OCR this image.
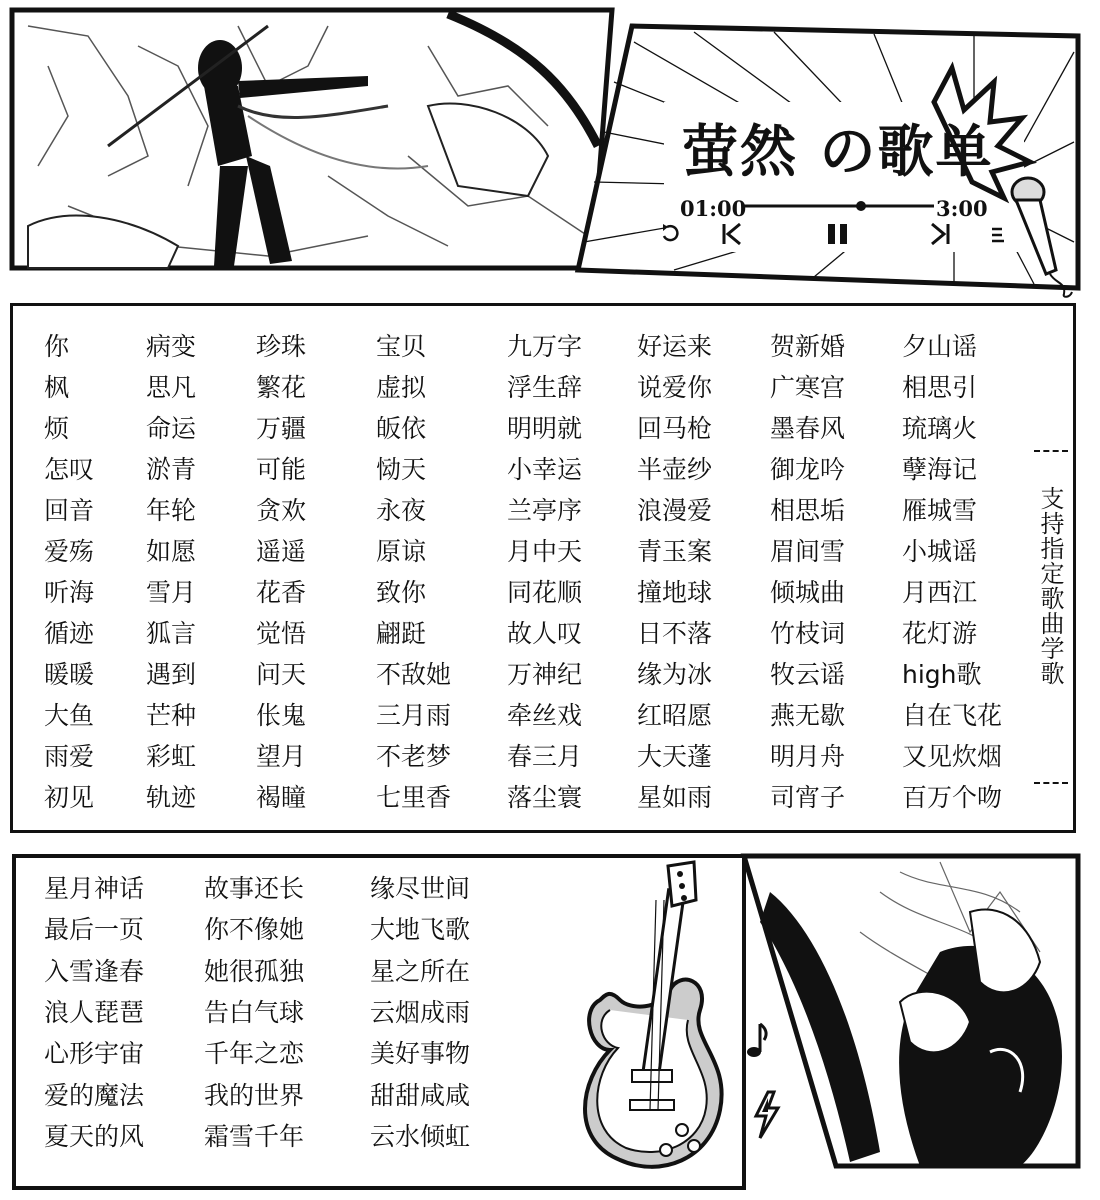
萤然 の歌单
01:00	3:00
你
枫
烦
怎叹
回音
爱殇
听海
循迹
暖暖
大鱼
雨爱
初见
病变
思凡
命运
淤青
年轮
如愿
雪月
狐言
遇到
芒种
彩虹
轨迹
珍珠
繁花
万疆
可能
贪欢
遥遥
花香
觉悟
问天
伥鬼
望月
褐瞳
宝贝
虚拟
皈依
恸天
永夜
原谅
致你
翩跹
不敌她
三月雨
不老梦
七里香
九万字
浮生辞
明明就
小幸运
兰亭序
月中天
同花顺
故人叹
万神纪
牵丝戏
春三月
落尘寰
好运来
说爱你
回马枪
半壶纱
浪漫爱
青玉案
撞地球
日不落
缘为冰
红昭愿
大天蓬
星如雨
贺新婚
广寒宫
墨春风
御龙吟
相思垢
眉间雪
倾城曲
竹枝词
牧云谣
燕无歇
明月舟
司宵子
夕山谣
相思引
琉璃火
孽海记
雁城雪
小城谣
月西江
花灯游
high歌
自在飞花
又见炊烟
百万个吻
支持指定歌曲学歌
星月神话
最后一页
入雪逢春
浪人琵琶
心形宇宙
爱的魔法
夏天的风
故事还长
你不像她
她很孤独
告白气球
千年之恋
我的世界
霜雪千年
缘尽世间
大地飞歌
星之所在
云烟成雨
美好事物
甜甜咸咸
云水倾虹
